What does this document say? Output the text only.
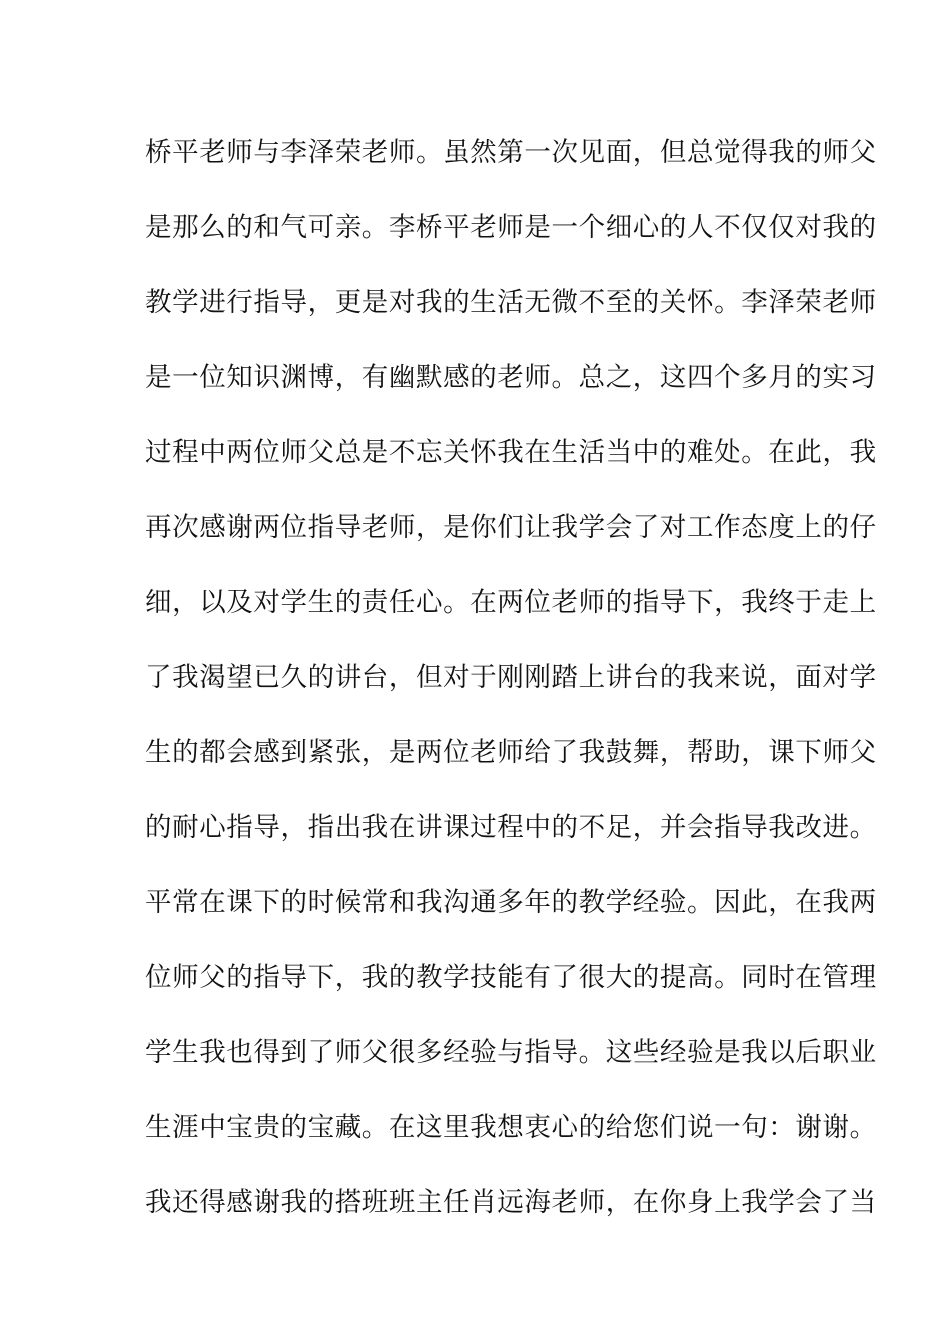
桥平老师与李泽荣老师。虽然第一次见面，但总觉得我的师父
是那么的和气可亲。李桥平老师是一个细心的人不仅仅对我的
教学进行指导，更是对我的生活无微不至的关怀。李泽荣老师
是一位知识渊博，有幽默感的老师。总之，这四个多月的实习
过程中两位师父总是不忘关怀我在生活当中的难处。在此，我
再次感谢两位指导老师，是你们让我学会了对工作态度上的仔
细，以及对学生的责任心。在两位老师的指导下，我终于走上
了我渴望已久的讲台，但对于刚刚踏上讲台的我来说，面对学
生的都会感到紧张，是两位老师给了我鼓舞，帮助，课下师父
的耐心指导，指出我在讲课过程中的不足，并会指导我改进。
平常在课下的时候常和我沟通多年的教学经验。因此，在我两
位师父的指导下，我的教学技能有了很大的提高。同时在管理
学生我也得到了师父很多经验与指导。这些经验是我以后职业
生涯中宝贵的宝藏。在这里我想衷心的给您们说一句：谢谢。
我还得感谢我的搭班班主任肖远海老师，在你身上我学会了当
